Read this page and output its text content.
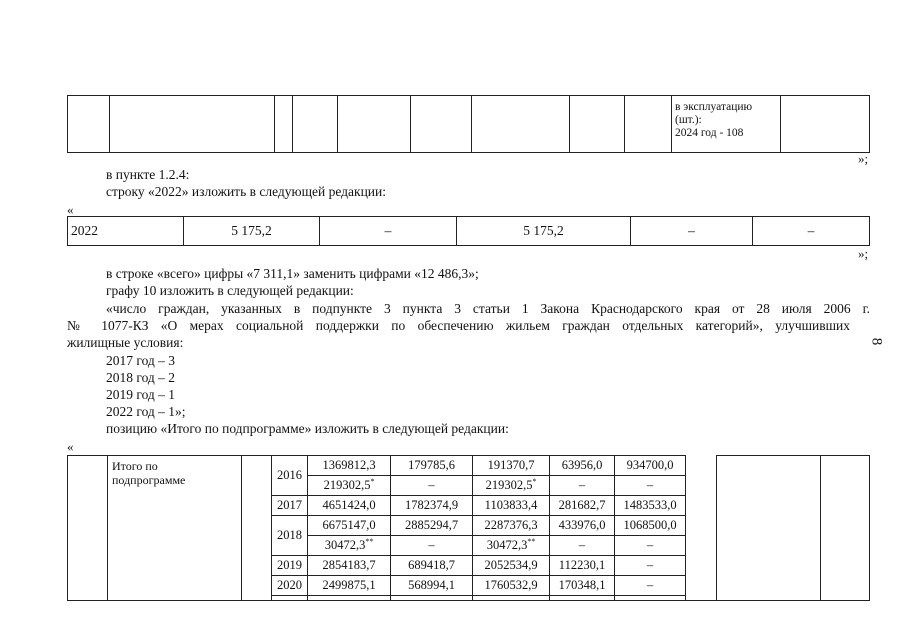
в эксплуатацию
(шт.):
2024 год - 108

»;
в пункте 1.2.4:
строку «2022» изложить в следующей редакции:
«
2022	5 175,2	–	5 175,2	–	–
»;
в строке «всего» цифры «7 311,1» заменить цифрами «12 486,3»;
графу 10 изложить в следующей редакции:
«число граждан, указанных в подпункте 3 пункта 3 статьи 1 Закона Краснодарского края от 28 июля 2006 г.
№ 1077-КЗ «О мерах социальной поддержки по обеспечению жильем граждан отдельных категорий», улучшивших
жилищные условия:
2017 год – 3
2018 год – 2
2019 год – 1
2022 год – 1»;
позицию «Итого по подпрограмме» изложить в следующей редакции:
«
8

	Итого по
подпрограмме		2016	1369812,3	179785,6	191370,7	63956,0	934700,0			
				219302,5*	–	219302,5*	–	–			
			2017	4651424,0	1782374,9	1103833,4	281682,7	1483533,0			
			2018	6675147,0	2885294,7	2287376,3	433976,0	1068500,0			
				30472,3**	–	30472,3**	–	–			
			2019	2854183,7	689418,7	2052534,9	112230,1	–			
			2020	2499875,1	568994,1	1760532,9	170348,1	–			
